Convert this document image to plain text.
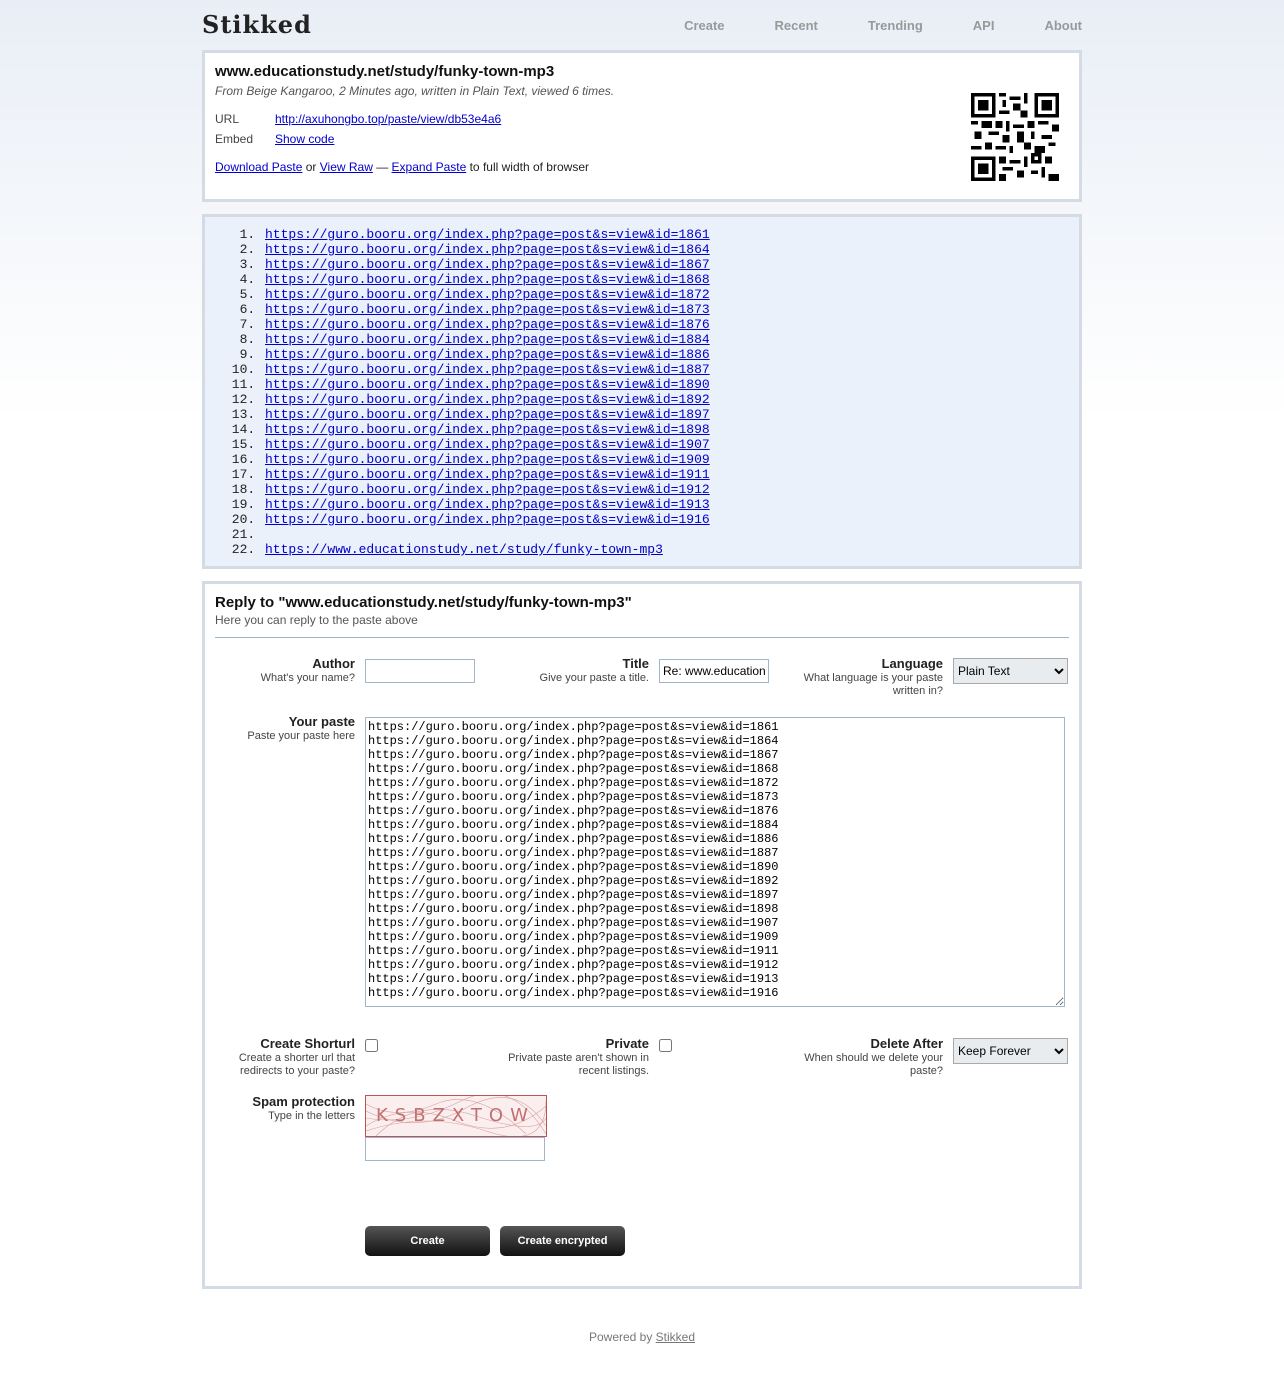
Stikked	Create	Recent	Trending	API	About
www.educationstudy.net/study/funky-town-mp3
From Beige Kangaroo, 2 Minutes ago, written in Plain Text, viewed 6 times.
URL	http://axuhongbo.top/paste/view/db53e4a6
Embed	Show code
Download Paste or View Raw — Expand Paste to full width of browser
1. https://guro.booru.org/index.php?page=post&s=view&id=1861
2. https://guro.booru.org/index.php?page=post&s=view&id=1864
3. https://guro.booru.org/index.php?page=post&s=view&id=1867
4. https://guro.booru.org/index.php?page=post&s=view&id=1868
5. https://guro.booru.org/index.php?page=post&s=view&id=1872
6. https://guro.booru.org/index.php?page=post&s=view&id=1873
7. https://guro.booru.org/index.php?page=post&s=view&id=1876
8. https://guro.booru.org/index.php?page=post&s=view&id=1884
9. https://guro.booru.org/index.php?page=post&s=view&id=1886
10. https://guro.booru.org/index.php?page=post&s=view&id=1887
11. https://guro.booru.org/index.php?page=post&s=view&id=1890
12. https://guro.booru.org/index.php?page=post&s=view&id=1892
13. https://guro.booru.org/index.php?page=post&s=view&id=1897
14. https://guro.booru.org/index.php?page=post&s=view&id=1898
15. https://guro.booru.org/index.php?page=post&s=view&id=1907
16. https://guro.booru.org/index.php?page=post&s=view&id=1909
17. https://guro.booru.org/index.php?page=post&s=view&id=1911
18. https://guro.booru.org/index.php?page=post&s=view&id=1912
19. https://guro.booru.org/index.php?page=post&s=view&id=1913
20. https://guro.booru.org/index.php?page=post&s=view&id=1916
21.
22. https://www.educationstudy.net/study/funky-town-mp3
Reply to "www.educationstudy.net/study/funky-town-mp3"
Here you can reply to the paste above
Author
What's your name?
Title
Give your paste a title.
Re: www.educationstudy.net/study/funky-town-mp3
Language
What language is your paste written in?
Plain Text
Your paste
Paste your paste here
https://guro.booru.org/index.php?page=post&s=view&id=1861 https://guro.booru.org/index.php?page=post&s=view&id=1864 https://guro.booru.org/index.php?page=post&s=view&id=1867 https://guro.booru.org/index.php?page=post&s=view&id=1868 https://guro.booru.org/index.php?page=post&s=view&id=1872 https://guro.booru.org/index.php?page=post&s=view&id=1873 https://guro.booru.org/index.php?page=post&s=view&id=1876 https://guro.booru.org/index.php?page=post&s=view&id=1884 https://guro.booru.org/index.php?page=post&s=view&id=1886 https://guro.booru.org/index.php?page=post&s=view&id=1887 https://guro.booru.org/index.php?page=post&s=view&id=1890 https://guro.booru.org/index.php?page=post&s=view&id=1892 https://guro.booru.org/index.php?page=post&s=view&id=1897 https://guro.booru.org/index.php?page=post&s=view&id=1898 https://guro.booru.org/index.php?page=post&s=view&id=1907 https://guro.booru.org/index.php?page=post&s=view&id=1909 https://guro.booru.org/index.php?page=post&s=view&id=1911 https://guro.booru.org/index.php?page=post&s=view&id=1912 https://guro.booru.org/index.php?page=post&s=view&id=1913 https://guro.booru.org/index.php?page=post&s=view&id=1916
Create Shorturl
Create a shorter url that redirects to your paste?
Private
Private paste aren't shown in recent listings.
Delete After
When should we delete your paste?
Keep Forever
Spam protection
Type in the letters KSBZXTOW
Create	Create encrypted
Powered by Stikked
